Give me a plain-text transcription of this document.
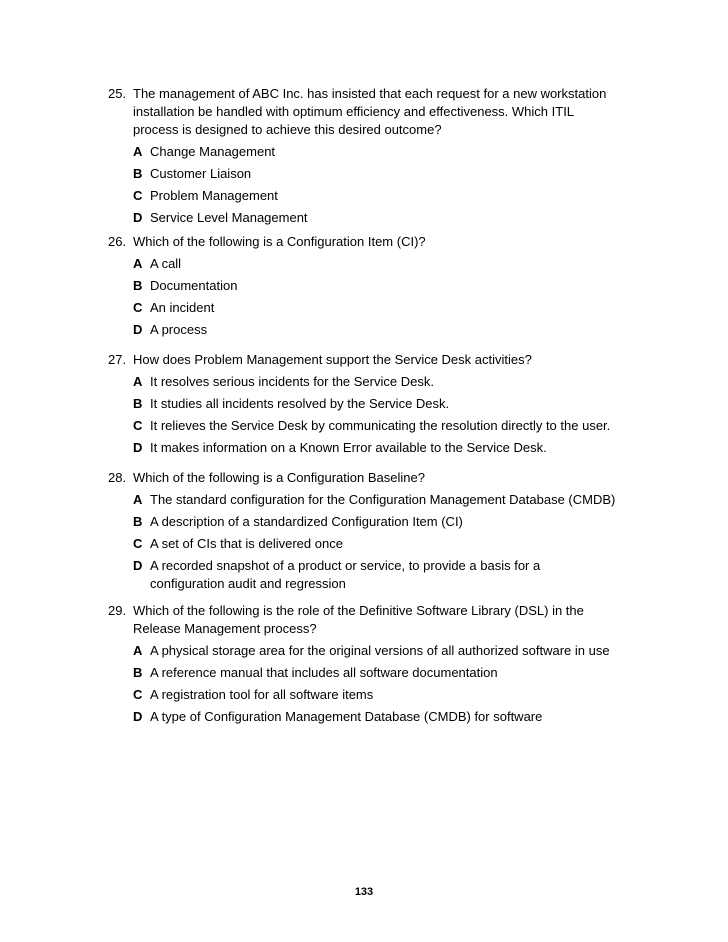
25. The management of ABC Inc. has insisted that each request for a new workstation installation be handled with optimum efficiency and effectiveness. Which ITIL process is designed to achieve this desired outcome?
A Change Management
B Customer Liaison
C Problem Management
D Service Level Management
26. Which of the following is a Configuration Item (CI)?
A A call
B Documentation
C An incident
D A process
27. How does Problem Management support the Service Desk activities?
A It resolves serious incidents for the Service Desk.
B It studies all incidents resolved by the Service Desk.
C It relieves the Service Desk by communicating the resolution directly to the user.
D It makes information on a Known Error available to the Service Desk.
28. Which of the following is a Configuration Baseline?
A The standard configuration for the Configuration Management Database (CMDB)
B A description of a standardized Configuration Item (CI)
C A set of CIs that is delivered once
D A recorded snapshot of a product or service, to provide a basis for a configuration audit and regression
29. Which of the following is the role of the Definitive Software Library (DSL) in the Release Management process?
A A physical storage area for the original versions of all authorized software in use
B A reference manual that includes all software documentation
C A registration tool for all software items
D A type of Configuration Management Database (CMDB) for software
133
